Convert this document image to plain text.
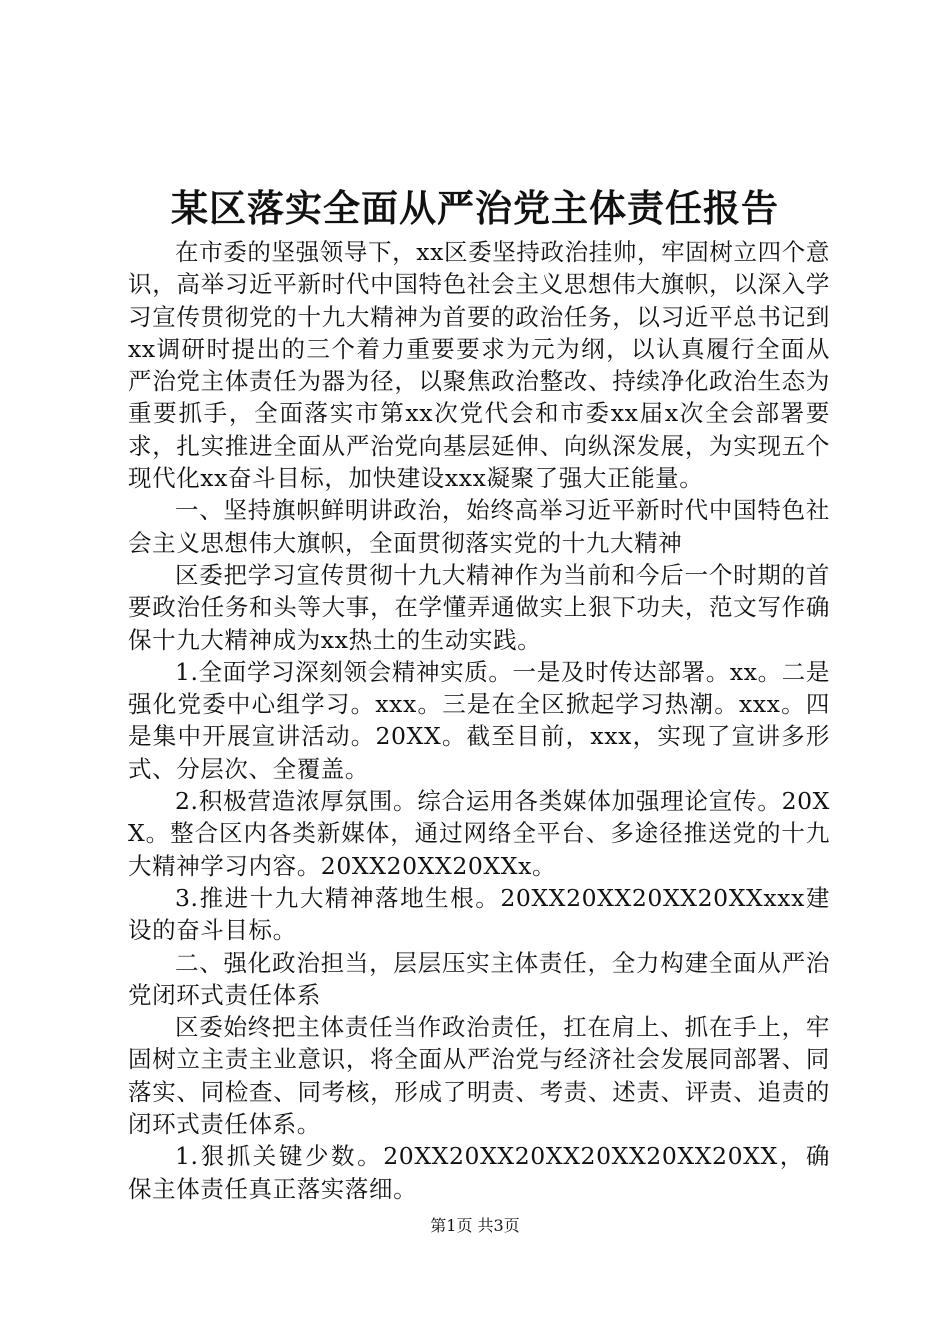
某区落实全面从严治党主体责任报告

在市委的坚强领导下，xx区委坚持政治挂帅，牢固树立四个意识，高举习近平新时代中国特色社会主义思想伟大旗帜，以深入学习宣传贯彻党的十九大精神为首要的政治任务，以习近平总书记到xx调研时提出的三个着力重要要求为元为纲，以认真履行全面从严治党主体责任为器为径，以聚焦政治整改、持续净化政治生态为重要抓手，全面落实市第xx次党代会和市委xx届x次全会部署要求，扎实推进全面从严治党向基层延伸、向纵深发展，为实现五个现代化xx奋斗目标，加快建设xxx凝聚了强大正能量。

一、坚持旗帜鲜明讲政治，始终高举习近平新时代中国特色社会主义思想伟大旗帜，全面贯彻落实党的十九大精神

区委把学习宣传贯彻十九大精神作为当前和今后一个时期的首要政治任务和头等大事，在学懂弄通做实上狠下功夫，范文写作确保十九大精神成为xx热土的生动实践。

1.全面学习深刻领会精神实质。一是及时传达部署。xx。二是强化党委中心组学习。xxx。三是在全区掀起学习热潮。xxx。四是集中开展宣讲活动。20XX。截至目前，xxx，实现了宣讲多形式、分层次、全覆盖。

2.积极营造浓厚氛围。综合运用各类媒体加强理论宣传。20XX。整合区内各类新媒体，通过网络全平台、多途径推送党的十九大精神学习内容。20XX20XX20XXx。

3.推进十九大精神落地生根。20XX20XX20XX20XXxxx建设的奋斗目标。

二、强化政治担当，层层压实主体责任，全力构建全面从严治党闭环式责任体系

区委始终把主体责任当作政治责任，扛在肩上、抓在手上，牢固树立主责主业意识，将全面从严治党与经济社会发展同部署、同落实、同检查、同考核，形成了明责、考责、述责、评责、追责的闭环式责任体系。

1.狠抓关键少数。20XX20XX20XX20XX20XX20XX，确保主体责任真正落实落细。

第1页 共3页
